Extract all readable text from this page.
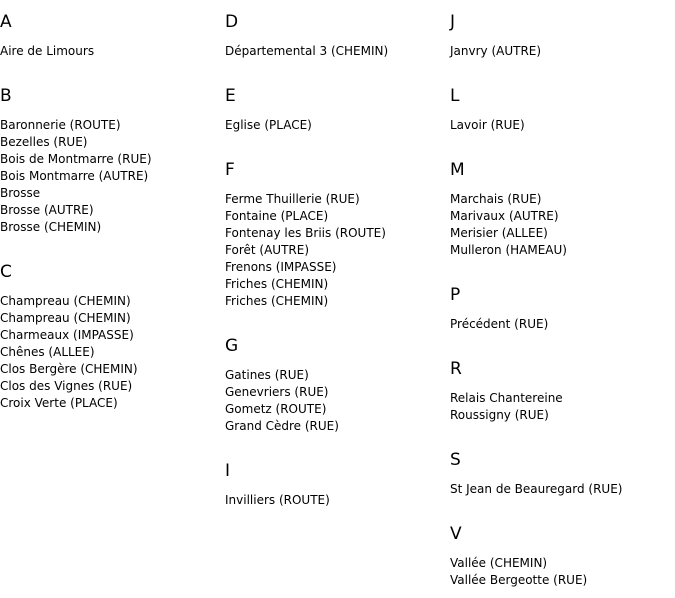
A
Aire de Limours
B
Baronnerie (ROUTE)
Bezelles (RUE)
Bois de Montmarre (RUE)
Bois Montmarre (AUTRE)
Brosse
Brosse (AUTRE)
Brosse (CHEMIN)
C
Champreau (CHEMIN)
Champreau (CHEMIN)
Charmeaux (IMPASSE)
Chênes (ALLEE)
Clos Bergère (CHEMIN)
Clos des Vignes (RUE)
Croix Verte (PLACE)
D
Départemental 3 (CHEMIN)
E
Eglise (PLACE)
F
Ferme Thuillerie (RUE)
Fontaine (PLACE)
Fontenay les Briis (ROUTE)
Forêt (AUTRE)
Frenons (IMPASSE)
Friches (CHEMIN)
Friches (CHEMIN)
G
Gatines (RUE)
Genevriers (RUE)
Gometz (ROUTE)
Grand Cèdre (RUE)
I
Invilliers (ROUTE)
J
Janvry (AUTRE)
L
Lavoir (RUE)
M
Marchais (RUE)
Marivaux (AUTRE)
Merisier (ALLEE)
Mulleron (HAMEAU)
P
Précédent (RUE)
R
Relais Chantereine
Roussigny (RUE)
S
St Jean de Beauregard (RUE)
V
Vallée (CHEMIN)
Vallée Bergeotte (RUE)
